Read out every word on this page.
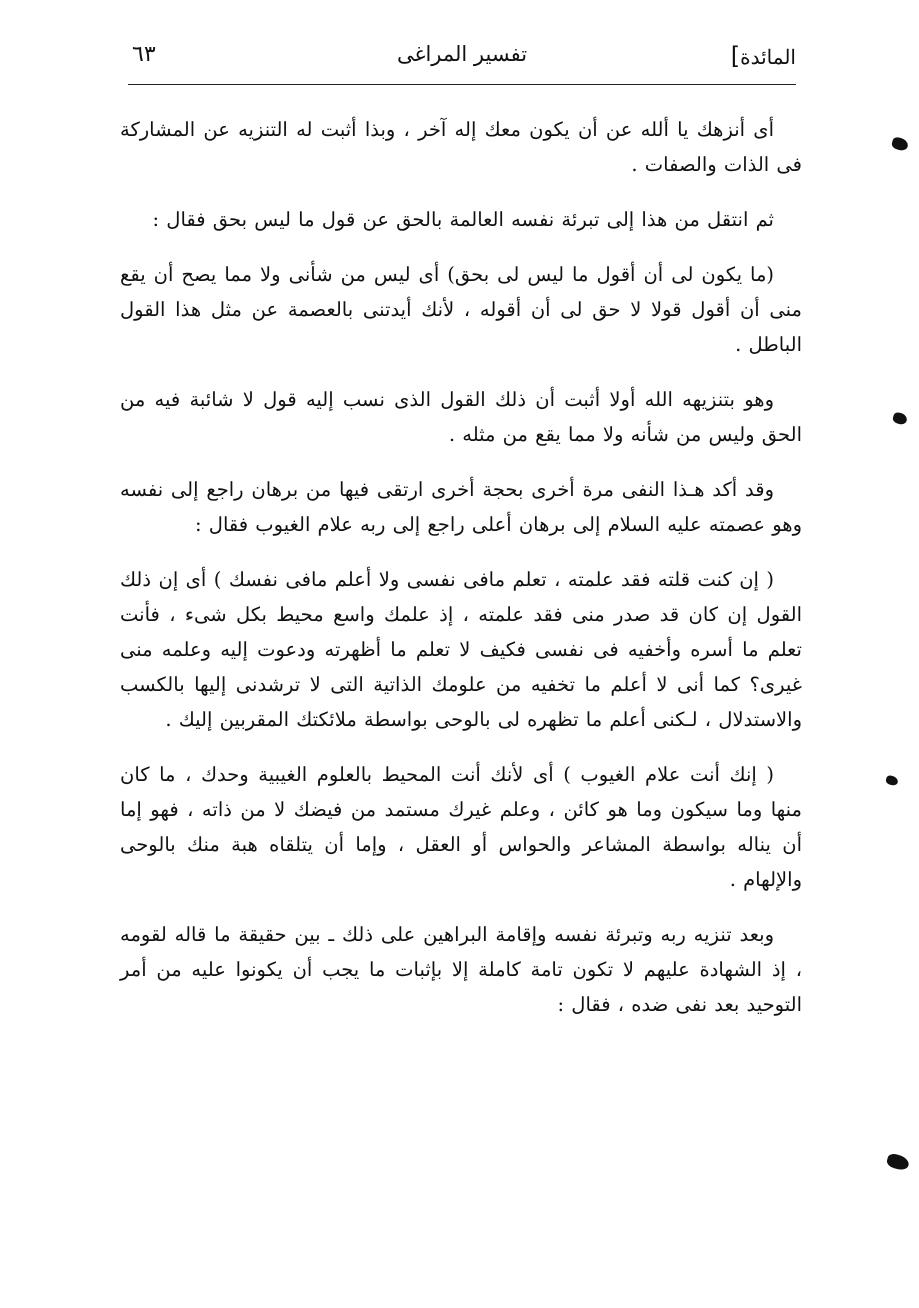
المائدة]
تفسير المراغى
٦٣

أى أنزهك يا ألله عن أن يكون معك إله آخر ، وبذا أثبت له التنزيه عن المشاركة فى الذات والصفات .

ثم انتقل من هذا إلى تبرئة نفسه العالمة بالحق عن قول ما ليس بحق فقال :

(ما يكون لى أن أقول ما ليس لى بحق) أى ليس من شأنى ولا مما يصح أن يقع منى أن أقول قولا لا حق لى أن أقوله ، لأنك أيدتنى بالعصمة عن مثل هذا القول الباطل .

وهو بتنزيهه الله أولا أثبت أن ذلك القول الذى نسب إليه قول لا شائبة فيه من الحق وليس من شأنه ولا مما يقع من مثله .

وقد أكد هـذا النفى مرة أخرى بحجة أخرى ارتقى فيها من برهان راجع إلى نفسه وهو عصمته عليه السلام إلى برهان أعلى راجع إلى ربه علام الغيوب فقال :

( إن كنت قلته فقد علمته ، تعلم مافى نفسى ولا أعلم مافى نفسك ) أى إن ذلك القول إن كان قد صدر منى فقد علمته ، إذ علمك واسع محيط بكل شىء ، فأنت تعلم ما أسره وأخفيه فى نفسى فكيف لا تعلم ما أظهرته ودعوت إليه وعلمه منى غيرى؟ كما أنى لا أعلم ما تخفيه من علومك الذاتية التى لا ترشدنى إليها بالكسب والاستدلال ، لـكنى أعلم ما تظهره لى بالوحى بواسطة ملائكتك المقربين إليك .

( إنك أنت علام الغيوب ) أى لأنك أنت المحيط بالعلوم الغيبية وحدك ، ما كان منها وما سيكون وما هو كائن ، وعلم غيرك مستمد من فيضك لا من ذاته ، فهو إما أن يناله بواسطة المشاعر والحواس أو العقل ، وإما أن يتلقاه هبة منك بالوحى والإلهام .

وبعد تنزيه ربه وتبرئة نفسه وإقامة البراهين على ذلك ـ بين حقيقة ما قاله لقومه ، إذ الشهادة عليهم لا تكون تامة كاملة إلا بإثبات ما يجب أن يكونوا عليه من أمر التوحيد بعد نفى ضده ، فقال :
